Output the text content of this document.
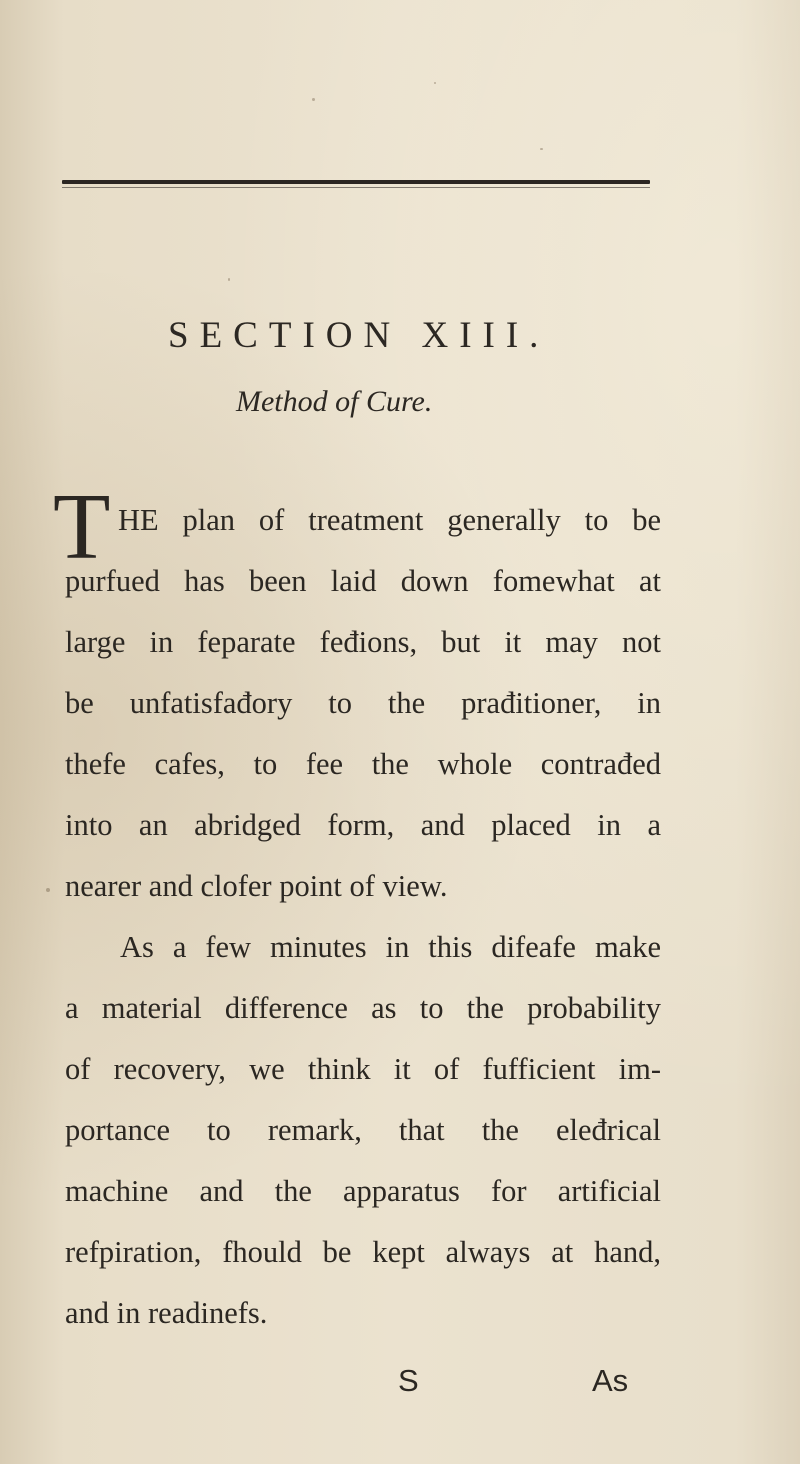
SECTION XIII.
Method of Cure.
T HE plan of treatment generally to be
purfued has been laid down fomewhat at
large in feparate feđions, but it may not
be unfatisfađory to the prađitioner, in
thefe cafes, to fee the whole contrađed
into an abridged form, and placed in a
nearer and clofer point of view.
As a few minutes in this difeafe make
a material difference as to the probability
of recovery, we think it of fufficient im-
portance to remark, that the eleđrical
machine and the apparatus for artificial
refpiration, fhould be kept always at hand,
and in readinefs.
S	As
